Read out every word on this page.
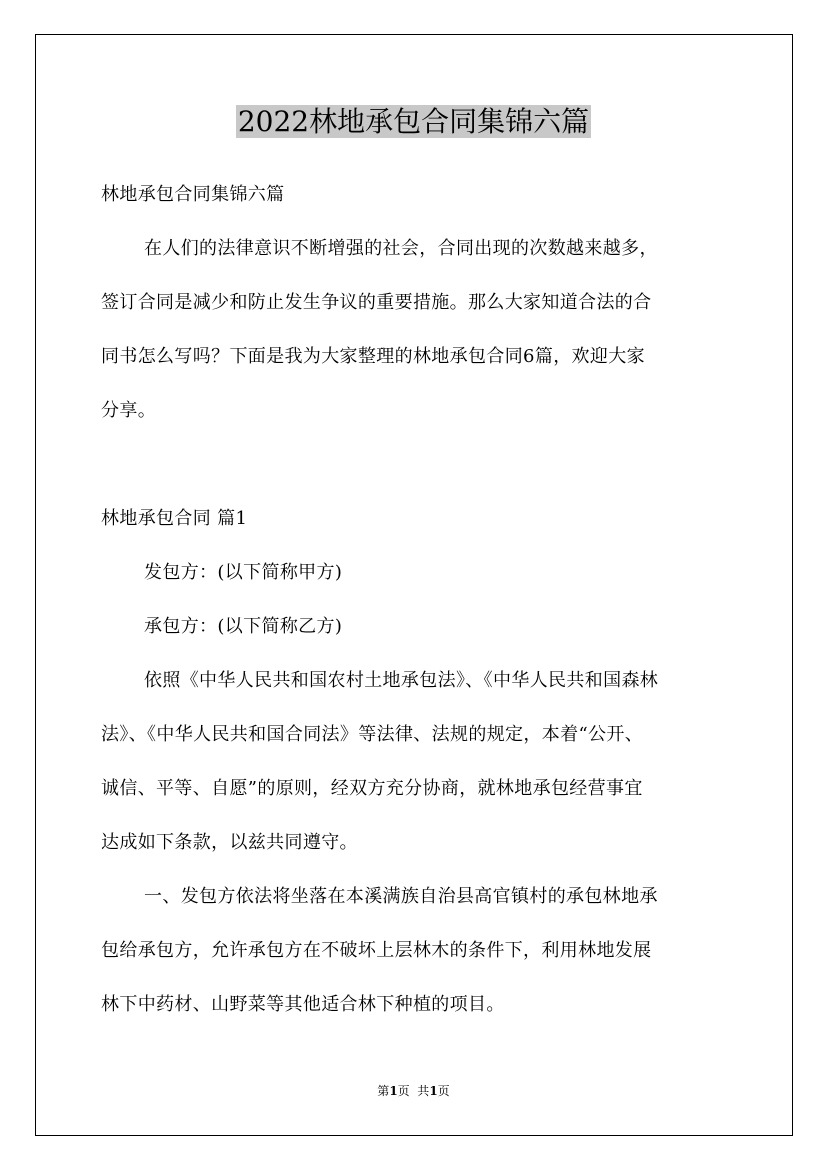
2022林地承包合同集锦六篇
林地承包合同集锦六篇
在人们的法律意识不断增强的社会，合同出现的次数越来越多，
签订合同是减少和防止发生争议的重要措施。那么大家知道合法的合
同书怎么写吗？下面是我为大家整理的林地承包合同6篇，欢迎大家
分享。
林地承包合同 篇1
发包方：(以下简称甲方)
承包方：(以下简称乙方)
依照《中华人民共和国农村土地承包法》、《中华人民共和国森林
法》、《中华人民共和国合同法》等法律、法规的规定，本着“公开、
诚信、平等、自愿”的原则，经双方充分协商，就林地承包经营事宜
达成如下条款，以兹共同遵守。
一、发包方依法将坐落在本溪满族自治县高官镇村的承包林地承
包给承包方，允许承包方在不破坏上层林木的条件下，利用林地发展
林下中药材、山野菜等其他适合林下种植的项目。
第1页  共1页
